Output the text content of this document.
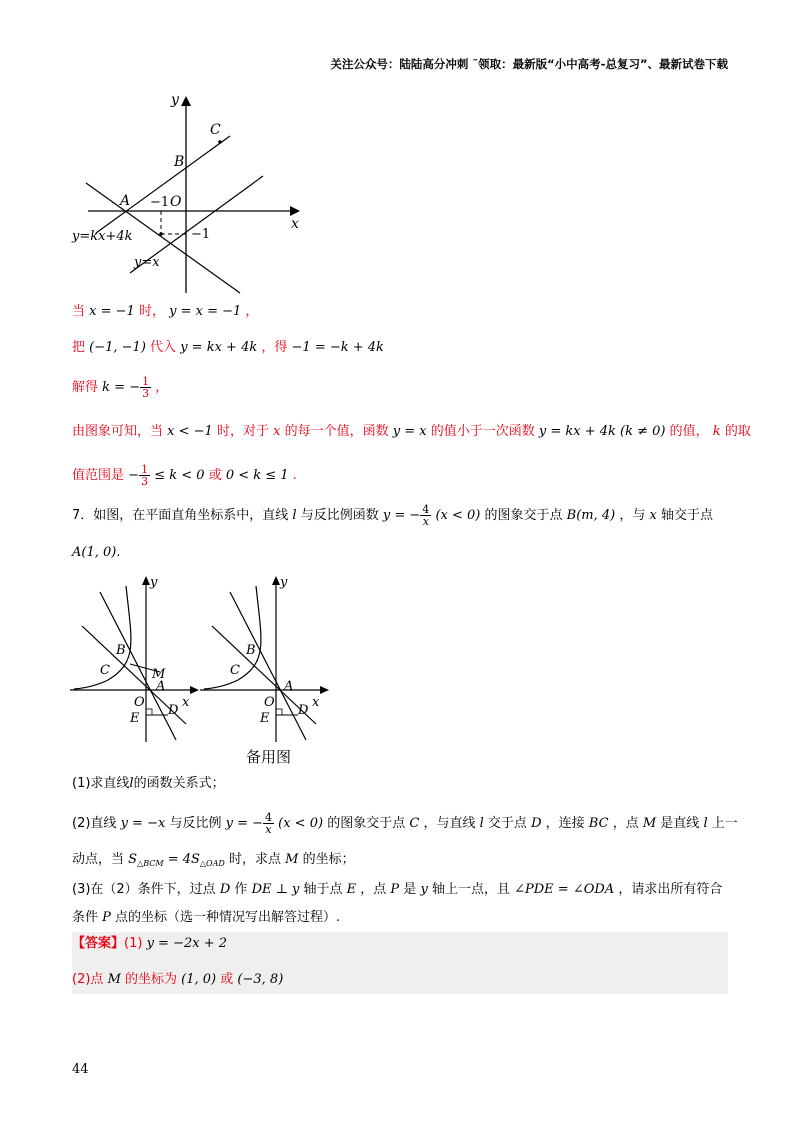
关注公众号：陆陆高分冲刺 ˜领取：最新版“小中高考-总复习”、最新试卷下载
y
x
C
B
A	O
−1
−1
y=kx+4k
y=x
当 x = −1 时， y = x = −1 ，
把 (−1, −1) 代入 y = kx + 4k ，得 −1 = −k + 4k
解得 k = − $\frac{1}{3}$ ，
由图象可知，当 x < −1 时，对于 x 的每一个值，函数 y = x 的值小于一次函数 y = kx + 4k (k ≠ 0) 的值， k 的取
值范围是 − $\frac{1}{3} \le k < 0$ 或 0 < k ≤ 1 .
7．如图，在平面直角坐标系中，直线 l 与反比例函数 y = − $\frac{4}{x} (x < 0)$ 的图象交于点 B(m, 4) ，与 x 轴交于点
A(1, 0).
y
x
B
C	M
A
O
E
D
y
x
B
C
A
O
E
D
备用图
(1)求直线l的函数关系式；
(2)直线 y = −x 与反比例 y = − $\frac{4}{x} (x < 0)$ 的图象交于点 C ，与直线 l 交于点 D ，连接 BC ，点 M 是直线 l 上一
动点，当 $S_{\triangle BCM} = 4S_{\triangle OAD}$ 时，求点 M 的坐标；
(3)在（2）条件下，过点 D 作 DE ⊥ y 轴于点 E ，点 P 是 y 轴上一点，且 ∠PDE = ∠ODA ，请求出所有符合
条件 P 点的坐标（选一种情况写出解答过程）.
【答案】(1) y = −2x + 2
(2)点 M 的坐标为 (1, 0) 或 (−3, 8)
44
